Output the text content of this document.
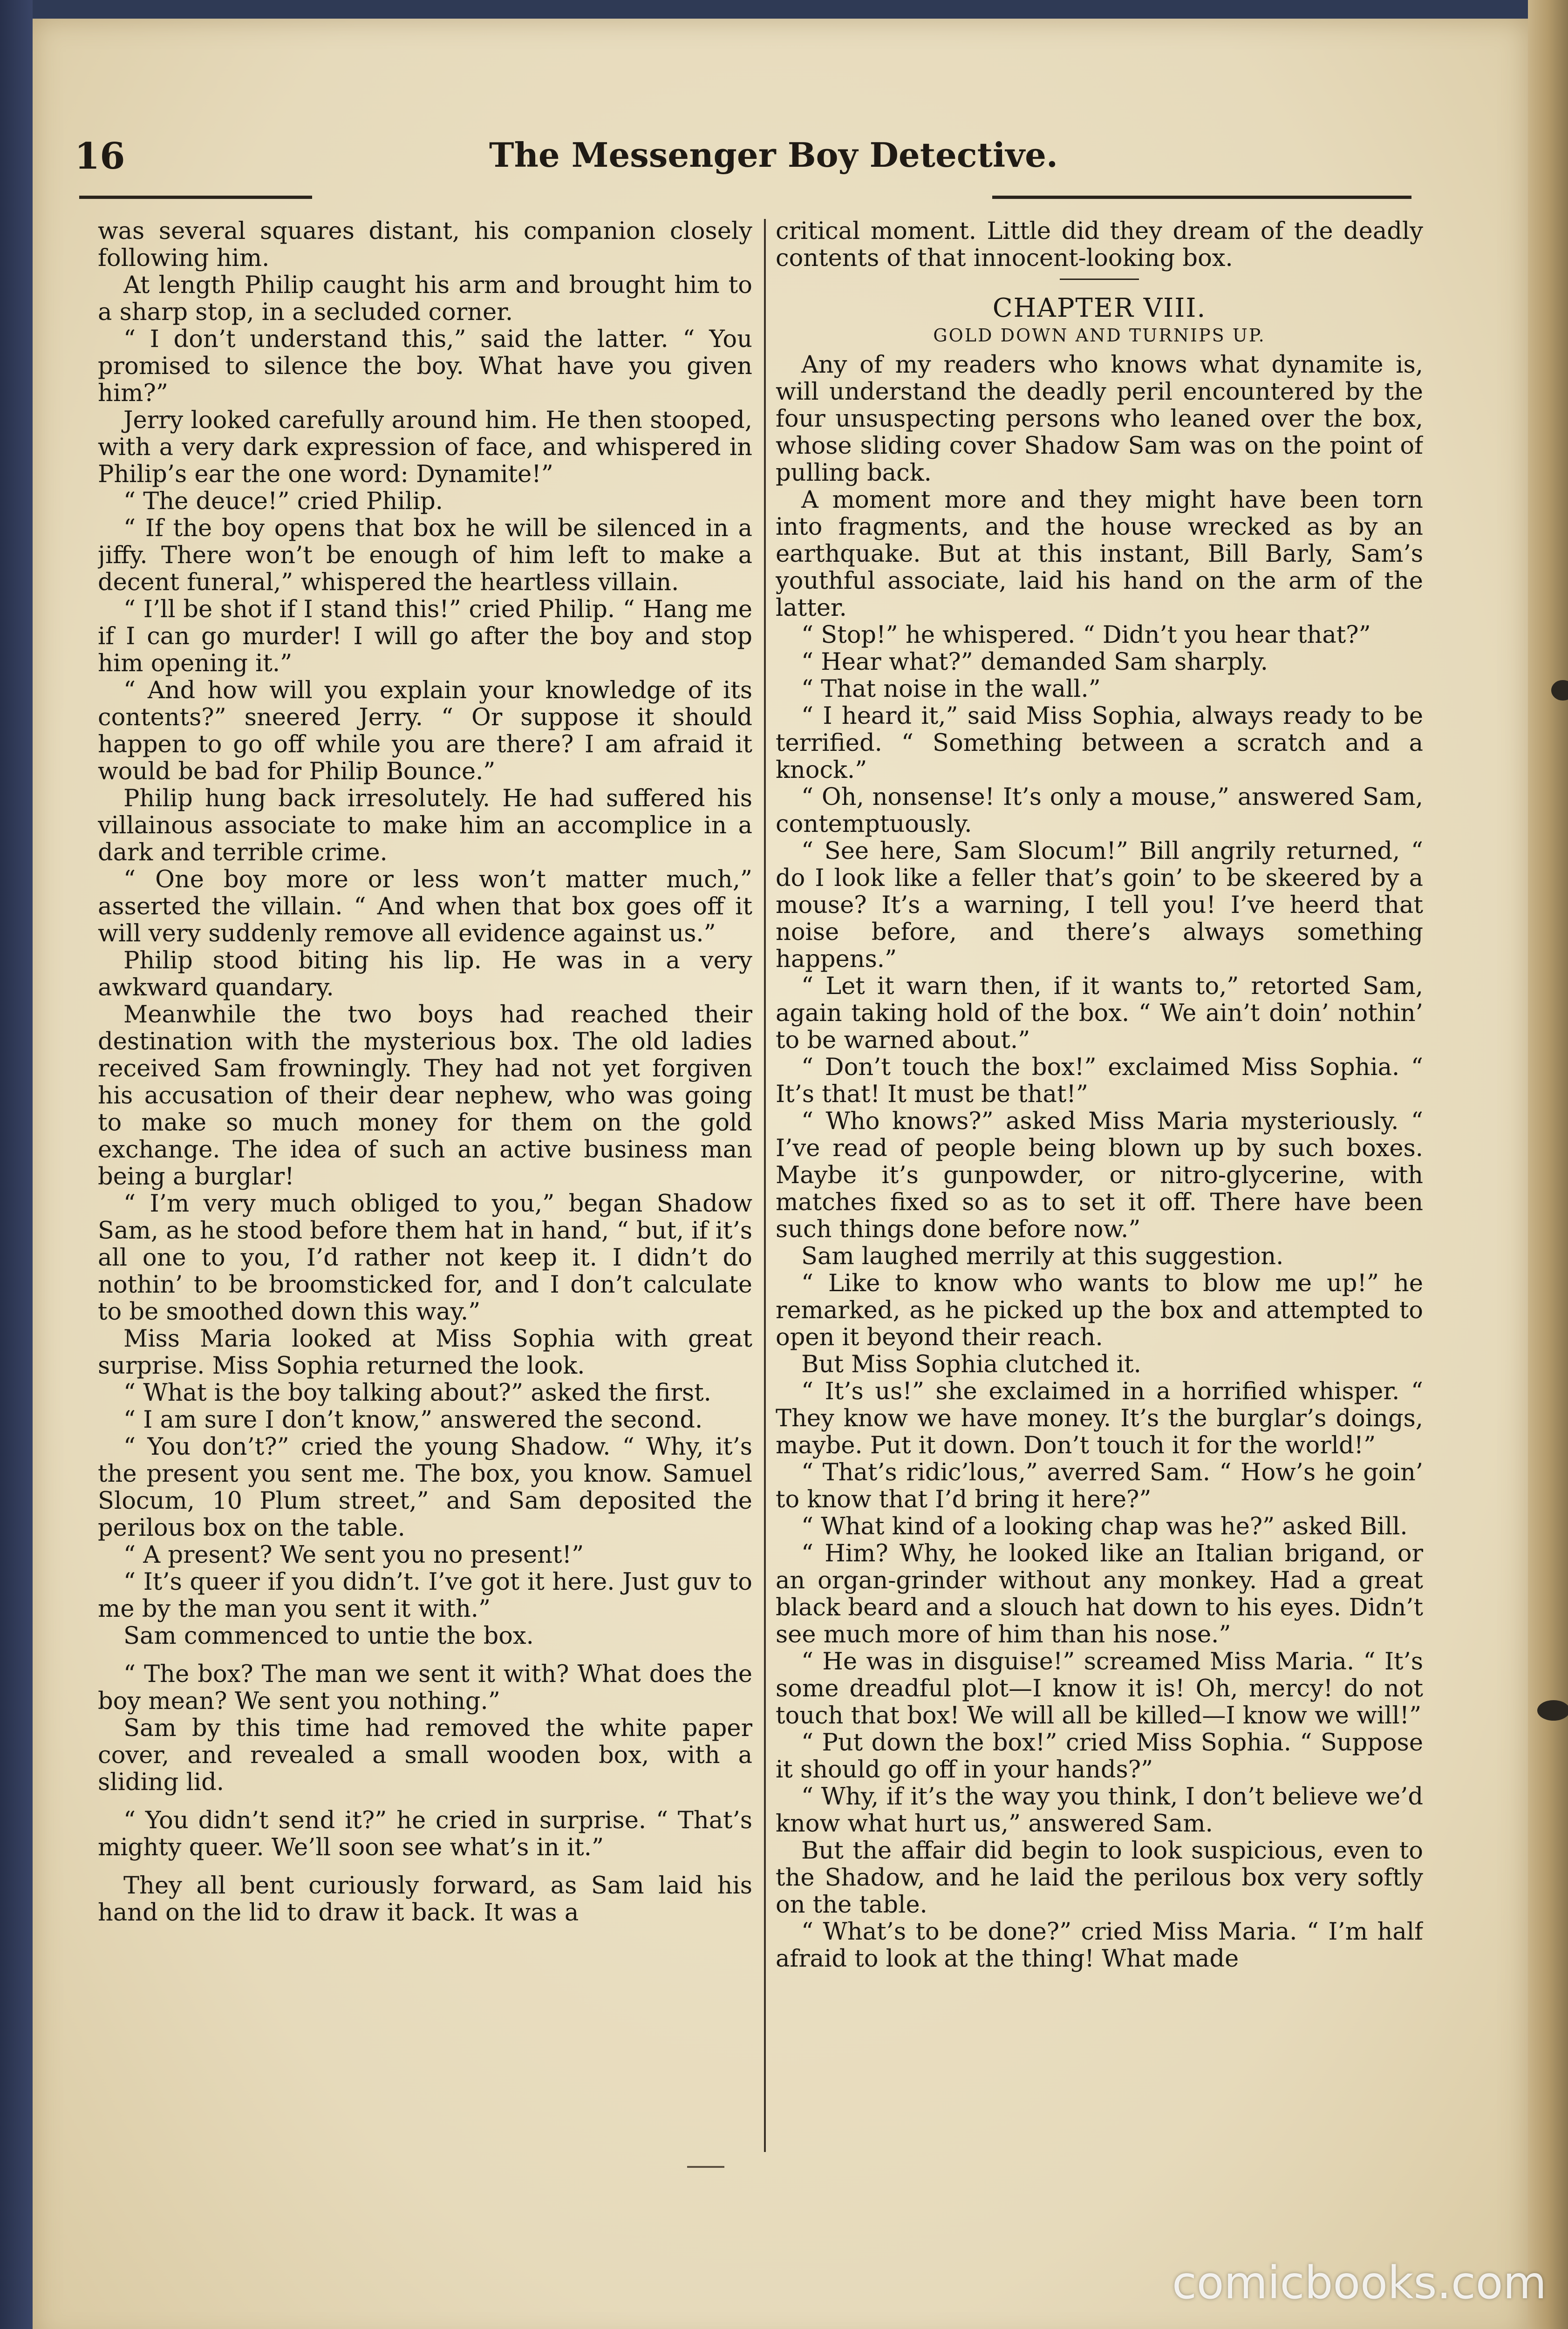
16	The Messenger Boy Detective.

was several squares distant, his companion closely following him.

At length Philip caught his arm and brought him to a sharp stop, in a secluded corner.

“ I don’t understand this,” said the latter. “ You promised to silence the boy. What have you given him?”

Jerry looked carefully around him. He then stooped, with a very dark expression of face, and whispered in Philip’s ear the one word: Dynamite!”

“ The deuce!” cried Philip.

“ If the boy opens that box he will be silenced in a jiffy. There won’t be enough of him left to make a decent funeral,” whispered the heartless villain.

“ I’ll be shot if I stand this!” cried Philip. “ Hang me if I can go murder! I will go after the boy and stop him opening it.”

“ And how will you explain your knowledge of its contents?” sneered Jerry. “ Or suppose it should happen to go off while you are there? I am afraid it would be bad for Philip Bounce.”

Philip hung back irresolutely. He had suffered his villainous associate to make him an accomplice in a dark and terrible crime.

“ One boy more or less won’t matter much,” asserted the villain. “ And when that box goes off it will very suddenly remove all evidence against us.”

Philip stood biting his lip. He was in a very awkward quandary.

Meanwhile the two boys had reached their destination with the mysterious box. The old ladies received Sam frowningly. They had not yet forgiven his accusation of their dear nephew, who was going to make so much money for them on the gold exchange. The idea of such an active business man being a burglar!

“ I’m very much obliged to you,” began Shadow Sam, as he stood before them hat in hand, “ but, if it’s all one to you, I’d rather not keep it. I didn’t do nothin’ to be broomsticked for, and I don’t calculate to be smoothed down this way.”

Miss Maria looked at Miss Sophia with great surprise. Miss Sophia returned the look.

“ What is the boy talking about?” asked the first.

“ I am sure I don’t know,” answered the second.

“ You don’t?” cried the young Shadow. “ Why, it’s the present you sent me. The box, you know. Samuel Slocum, 10 Plum street,” and Sam deposited the perilous box on the table.

“ A present? We sent you no present!”

“ It’s queer if you didn’t. I’ve got it here. Just guv to me by the man you sent it with.”

Sam commenced to untie the box.

“ The box? The man we sent it with? What does the boy mean? We sent you nothing.”

Sam by this time had removed the white paper cover, and revealed a small wooden box, with a sliding lid.

“ You didn’t send it?” he cried in surprise. “ That’s mighty queer. We’ll soon see what’s in it.”

They all bent curiously forward, as Sam laid his hand on the lid to draw it back. It was a

critical moment. Little did they dream of the deadly contents of that innocent-looking box.

CHAPTER VIII.

GOLD DOWN AND TURNIPS UP.

Any of my readers who knows what dynamite is, will understand the deadly peril encountered by the four unsuspecting persons who leaned over the box, whose sliding cover Shadow Sam was on the point of pulling back.

A moment more and they might have been torn into fragments, and the house wrecked as by an earthquake. But at this instant, Bill Barly, Sam’s youthful associate, laid his hand on the arm of the latter.

“ Stop!” he whispered. “ Didn’t you hear that?”

“ Hear what?” demanded Sam sharply.

“ That noise in the wall.”

“ I heard it,” said Miss Sophia, always ready to be terrified. “ Something between a scratch and a knock.”

“ Oh, nonsense! It’s only a mouse,” answered Sam, contemptuously.

“ See here, Sam Slocum!” Bill angrily returned, “ do I look like a feller that’s goin’ to be skeered by a mouse? It’s a warning, I tell you! I’ve heerd that noise before, and there’s always something happens.”

“ Let it warn then, if it wants to,” retorted Sam, again taking hold of the box. “ We ain’t doin’ nothin’ to be warned about.”

“ Don’t touch the box!” exclaimed Miss Sophia. “ It’s that! It must be that!”

“ Who knows?” asked Miss Maria mysteriously. “ I’ve read of people being blown up by such boxes. Maybe it’s gunpowder, or nitro-glycerine, with matches fixed so as to set it off. There have been such things done before now.”

Sam laughed merrily at this suggestion.

“ Like to know who wants to blow me up!” he remarked, as he picked up the box and attempted to open it beyond their reach.

But Miss Sophia clutched it.

“ It’s us!” she exclaimed in a horrified whisper. “ They know we have money. It’s the burglar’s doings, maybe. Put it down. Don’t touch it for the world!”

“ That’s ridic’lous,” averred Sam. “ How’s he goin’ to know that I’d bring it here?”

“ What kind of a looking chap was he?” asked Bill.

“ Him? Why, he looked like an Italian brigand, or an organ-grinder without any monkey. Had a great black beard and a slouch hat down to his eyes. Didn’t see much more of him than his nose.”

“ He was in disguise!” screamed Miss Maria. “ It’s some dreadful plot—I know it is! Oh, mercy! do not touch that box! We will all be killed—I know we will!”

“ Put down the box!” cried Miss Sophia. “ Suppose it should go off in your hands?”

“ Why, if it’s the way you think, I don’t believe we’d know what hurt us,” answered Sam.

But the affair did begin to look suspicious, even to the Shadow, and he laid the perilous box very softly on the table.

“ What’s to be done?” cried Miss Maria. “ I’m half afraid to look at the thing! What made

comicbooks.com
